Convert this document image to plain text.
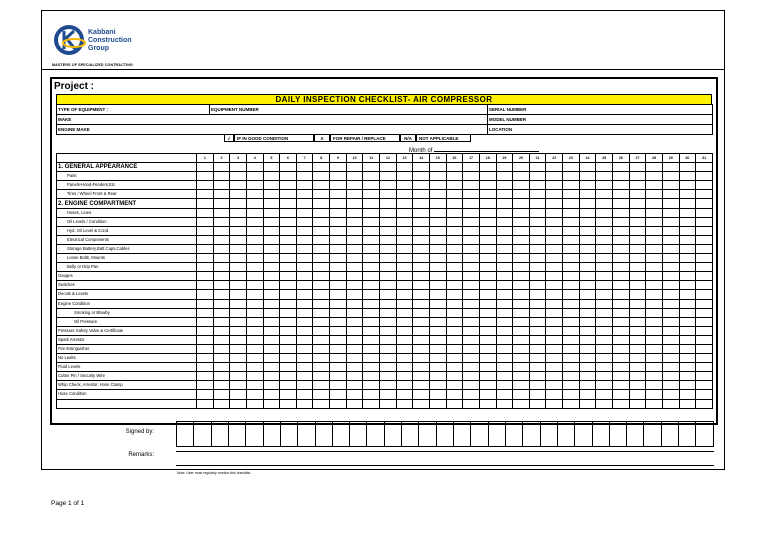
Kabbani
Construction
Group
MASTERS OF SPECIALIZED CONTRACTING
Project :
DAILY INSPECTION CHECKLIST- AIR COMPRESSOR
TYPE OF EQUIPMENT :	EQUIPMENT NUMBER	SERIAL NUMBER
MAKE		MODEL NUMBER
ENGINE MAKE		LOCATION
√	IF IN GOOD CONDITION	X	FOR REPAIR / REPLACE	N/A	NOT APPLICABLE
Month of
	1	2	3	4	5	6	7	8	9	10	11	12	13	14	15	16	17	18	19	20	21	22	23	24	25	26	27	28	29	30	31
1. GENERAL APPEARANCE																															
Paint																															
Panels-Hood-Fenders,Etc.																															
Tires / Wheel Front & Rear																															
2. ENGINE COMPARTMENT																															
Hoses, Lines																															
Oil Levels / Condition																															
Hyd. Oil Level & Cond.																															
Electrical Components																															
Storage Battery,Batt Caps,Cables																															
Loose Bolts, Mounts																															
Belly or Drip Pan																															
Gauges																															
Switches																															
Decals & Levels																															
Engine Condition																															
Smoking or Blowby																															
Oil Pressure																															
Pressure Safety Valve & Certificate																															
Spark Arrestor																															
Fire Extinguisher																															
No Leaks																															
Fluid Levels																															
Cotter Pin / Security Wire																															
Whip Check, Arrestor, Hose Clamp																															
Hose Condition																															

Signed by:

Remarks:
Note: User must regularly monitor this checklist.
Page 1 of 1
